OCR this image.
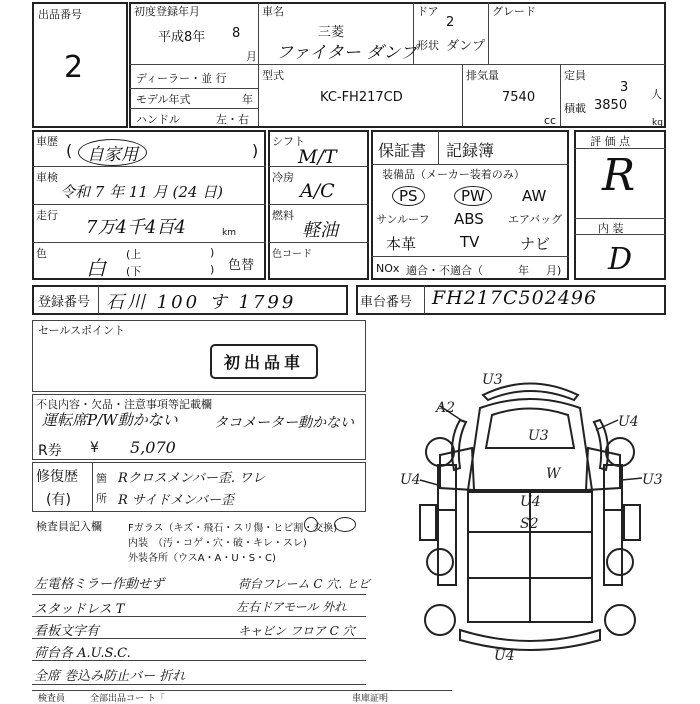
出品番号
2
初度登録年月
平成8年 8
月
車名
三菱
ファイター ダンプ
ドア
2
形状 ダンプ
グレード
ディーラー・並 行
モデル年式	年
ハンドル	左・右
型式
KC-FH217CD
排気量
7540
cc
定員
3 人
積載 3850
kg
車歴 ( 自家用	)
車検
令和 7 年 11 月 (24 日)
走行
7万4千4百4	km
色
白
(上	)
(下	) 色替
シフト
M/T
冷房
A/C
燃料
軽油
色コード
保証書 記録簿
装備品（メーカー装着のみ）
PS	PW	AW
サンルーフ ABS エアバッグ
本革	TV	ナビ
NOx 適合・不適合（	年 月)
評 価 点
R
内 装
D
登録番号 石川 100 す 1799	車台番号 FH217C502496
セールスポイント
初出品車
不良内容・欠品・注意事項等記載欄
運転席P/W動かない	タコメーター動かない
R券 ¥ 5,070
修復歴
(有)
箇
所
Rクロスメンバー歪. ワレ
R サイドメンバー歪
検査員記入欄	Fガラス（キズ・飛石・スリ傷・ヒビ割・交換)
内装　（汚・コゲ・穴・破・キレ・スレ)
外装各所（ウスA・A・U・S・C)
左電格ミラー作動せず	荷台フレーム C 穴. ヒビ
スタッドレス T	左右ドアモール 外れ
看板文字有	キャビン フロア C 穴
荷台各 A.U.S.C.
全席 巻込み防止バー 折れ
検査員	全部出品コー ト「	車庫証明
U3
A2
U4
U3
W
U4	U3
U4
S2
U4
